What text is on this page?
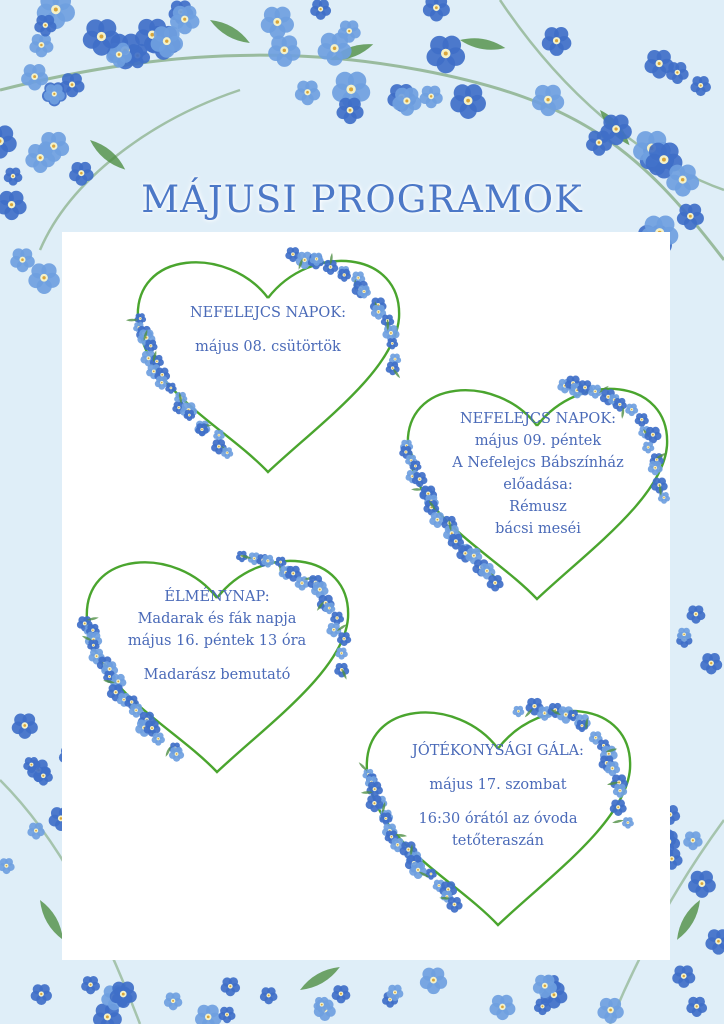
MÁJUSI PROGRAMOK
NEFELEJCS NAPOK:
május 08. csütörtök
NEFELEJCS NAPOK:
május 09. péntek
A Nefelejcs Bábszínház
előadása:
Rémusz
bácsi meséi
ÉLMÉNYNAP:
Madarak és fák napja
május 16. péntek 13 óra
Madarász bemutató
JÓTÉKONYSÁGI GÁLA:
május 17. szombat
16:30 órától az óvoda
tetőteraszán
